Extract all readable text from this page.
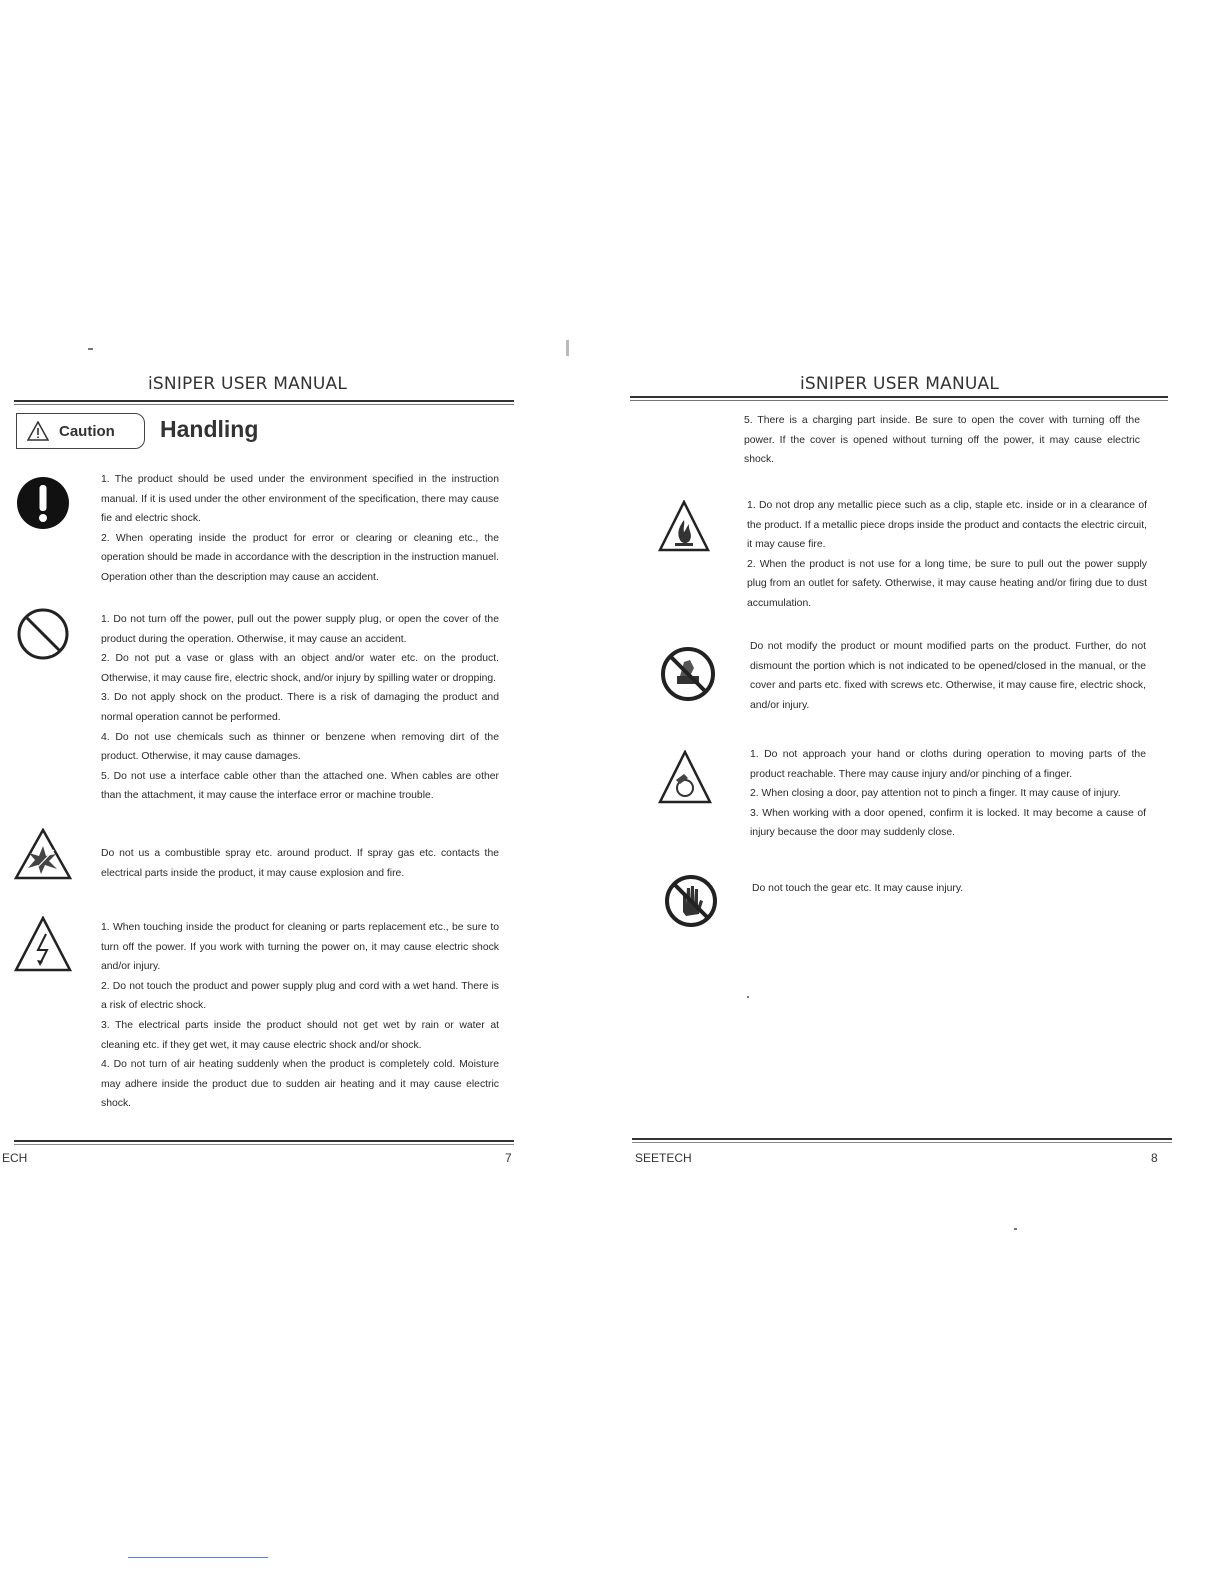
iSNIPER USER MANUAL
Caution Handling

1. The product should be used under the environment specified in the instruction manual. If it is used under the other environment of the specification, there may cause fie and electric shock.

2. When operating inside the product for error or clearing or cleaning etc., the operation should be made in accordance with the description in the instruction manuel. Operation other than the description may cause an accident.

1. Do not turn off the power, pull out the power supply plug, or open the cover of the product during the operation. Otherwise, it may cause an accident.

2. Do not put a vase or glass with an object and/or water etc. on the product. Otherwise, it may cause fire, electric shock, and/or injury by spilling water or dropping.

3. Do not apply shock on the product. There is a risk of damaging the product and normal operation cannot be performed.

4. Do not use chemicals such as thinner or benzene when removing dirt of the product. Otherwise, it may cause damages.

5. Do not use a interface cable other than the attached one. When cables are other than the attachment, it may cause the interface error or machine trouble.

Do not us a combustible spray etc. around product. If spray gas etc. contacts the electrical parts inside the product, it may cause explosion and fire.

1. When touching inside the product for cleaning or parts replacement etc., be sure to turn off the power. If you work with turning the power on, it may cause electric shock and/or injury.

2. Do not touch the product and power supply plug and cord with a wet hand. There is a risk of electric shock.

3. The electrical parts inside the product should not get wet by rain or water at cleaning etc. if they get wet, it may cause electric shock and/or shock.

4. Do not turn of air heating suddenly when the product is completely cold. Moisture may adhere inside the product due to sudden air heating and it may cause electric shock.

ECH	7
iSNIPER USER MANUAL

5. There is a charging part inside. Be sure to open the cover with turning off the power. If the cover is opened without turning off the power, it may cause electric shock.

1. Do not drop any metallic piece such as a clip, staple etc. inside or in a clearance of the product. If a metallic piece drops inside the product and contacts the electric circuit, it may cause fire.

2. When the product is not use for a long time, be sure to pull out the power supply plug from an outlet for safety. Otherwise, it may cause heating and/or firing due to dust accumulation.

Do not modify the product or mount modified parts on the product. Further, do not dismount the portion which is not indicated to be opened/closed in the manual, or the cover and parts etc. fixed with screws etc. Otherwise, it may cause fire, electric shock, and/or injury.

1. Do not approach your hand or cloths during operation to moving parts of the product reachable. There may cause injury and/or pinching of a finger.

2. When closing a door, pay attention not to pinch a finger. It may cause of injury.

3. When working with a door opened, confirm it is locked. It may become a cause of injury because the door may suddenly close.

Do not touch the gear etc. It may cause injury.

SEETECH	8
